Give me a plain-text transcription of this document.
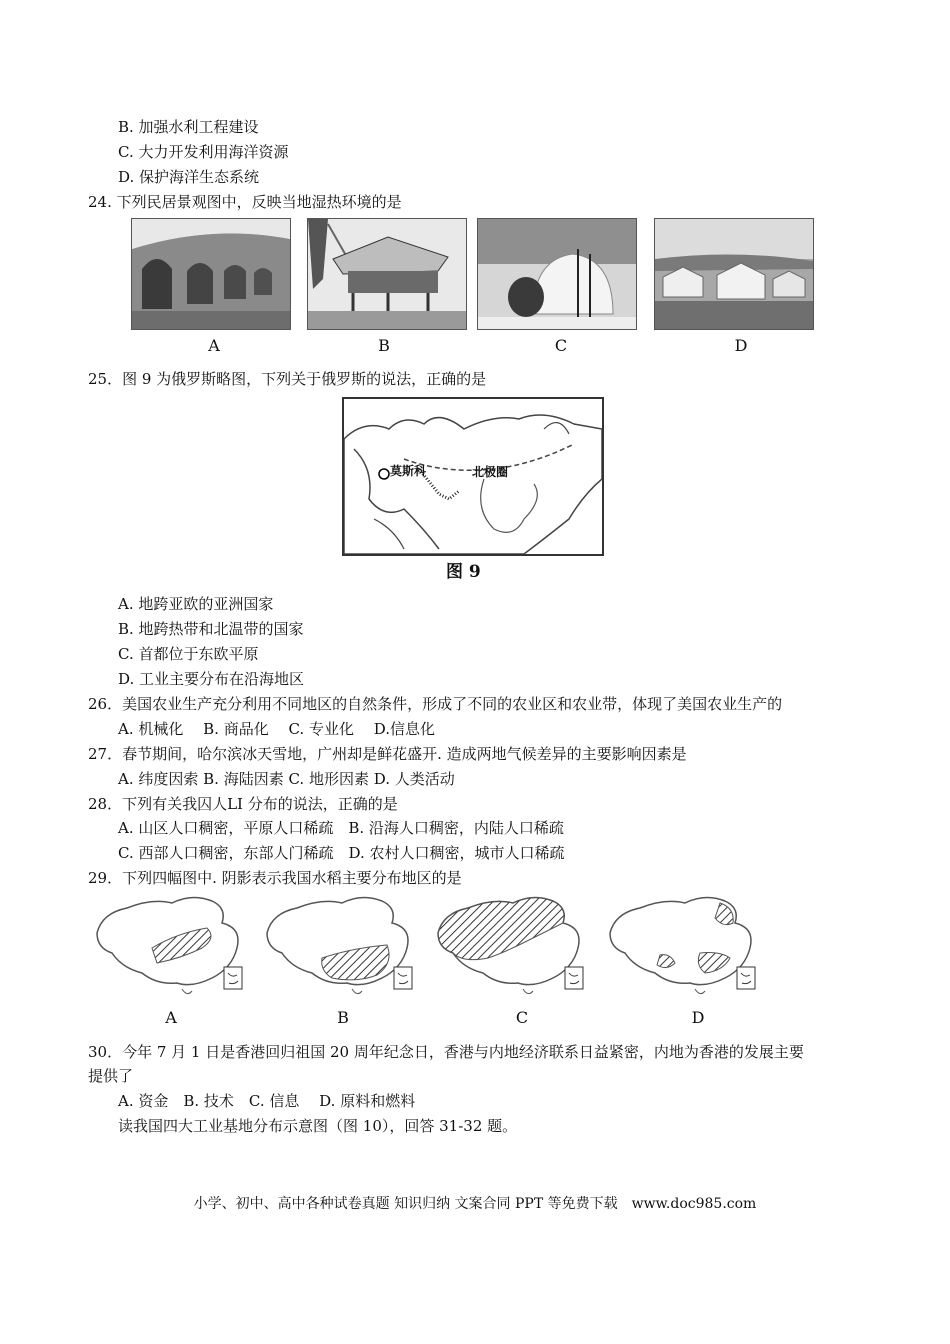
B. 加强水利工程建设
C. 大力开发利用海洋资源
D. 保护海洋生态系统
24. 下列民居景观图中，反映当地湿热环境的是
A	B	C	D
25．图 9 为俄罗斯略图，下列关于俄罗斯的说法，正确的是
莫斯科	北极圈
图 9
A. 地跨亚欧的亚洲国家
B. 地跨热带和北温带的国家
C. 首都位于东欧平原
D. 工业主要分布在沿海地区
26．美国农业生产充分利用不同地区的自然条件，形成了不同的农业区和农业带，体现了美国农业生产的
A. 机械化　 B. 商品化　 C. 专业化　 D.信息化
27．春节期间，哈尔滨冰天雪地，广州却是鲜花盛开. 造成两地气候差异的主要影响因素是
A. 纬度因索 B. 海陆因素 C. 地形因素 D. 人类活动
28．下列有关我囚人LI 分布的说法，正确的是
A. 山区人口稠密，平原人口稀疏　B. 沿海人口稠密，内陆人口稀疏
C. 西部人口稠密，东部人门稀疏　D. 农村人口稠密，城市人口稀疏
29．下列四幅图中. 阴影表示我国水稻主要分布地区的是
A	B	C	D
30．今年 7 月 1 日是香港回归祖国 20 周年纪念日，香港与内地经济联系日益紧密，内地为香港的发展主要
提供了
A. 资金　B. 技术　C. 信息　 D. 原料和燃料
读我国四大工业基地分布示意图（图 10），回答 31-32 题。
小学、初中、高中各种试卷真题 知识归纳 文案合同 PPT 等免费下载　www.doc985.com
